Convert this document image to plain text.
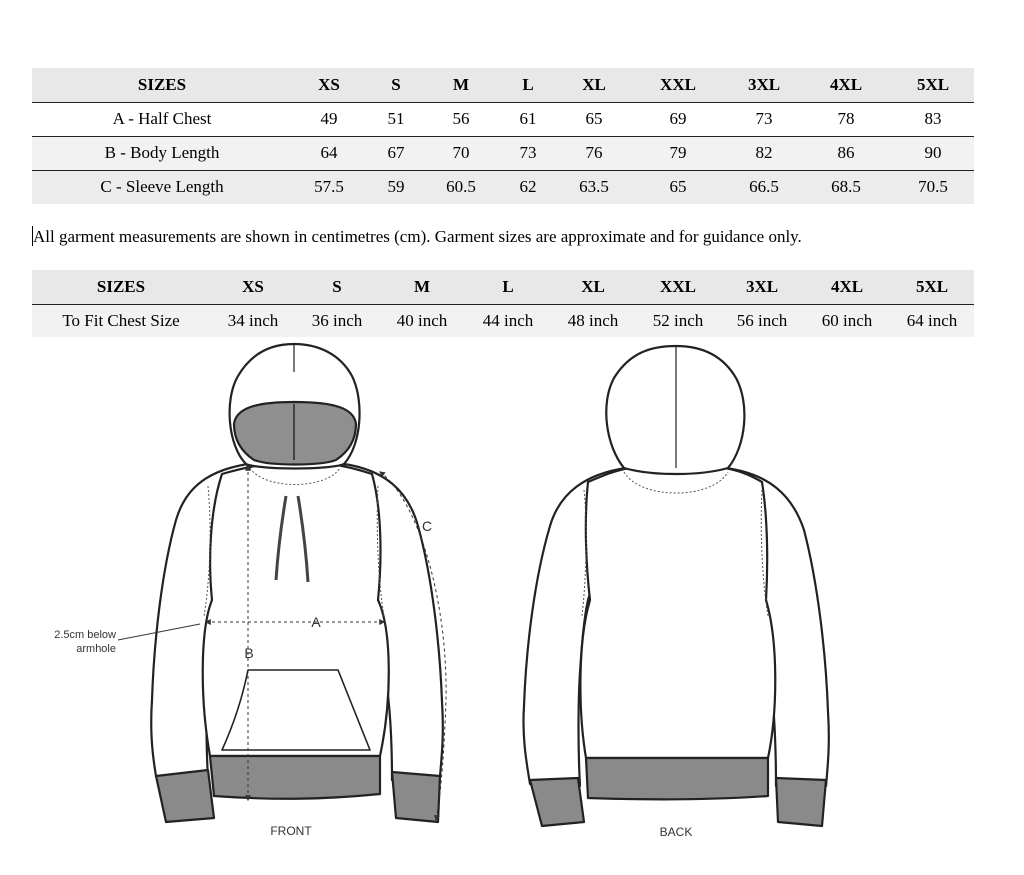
SIZES	XS	S	M	L	XL	XXL	3XL	4XL	5XL
A - Half Chest	49	51	56	61	65	69	73	78	83
B - Body Length	64	67	70	73	76	79	82	86	90
C - Sleeve Length	57.5	59	60.5	62	63.5	65	66.5	68.5	70.5
All garment measurements are shown in centimetres (cm). Garment sizes are approximate and for guidance only.
SIZES	XS	S	M	L	XL	XXL	3XL	4XL	5XL
To Fit Chest Size	34 inch	36 inch	40 inch	44 inch	48 inch	52 inch	56 inch	60 inch	64 inch
2.5cm below
armhole
A
B
C
FRONT	BACK
